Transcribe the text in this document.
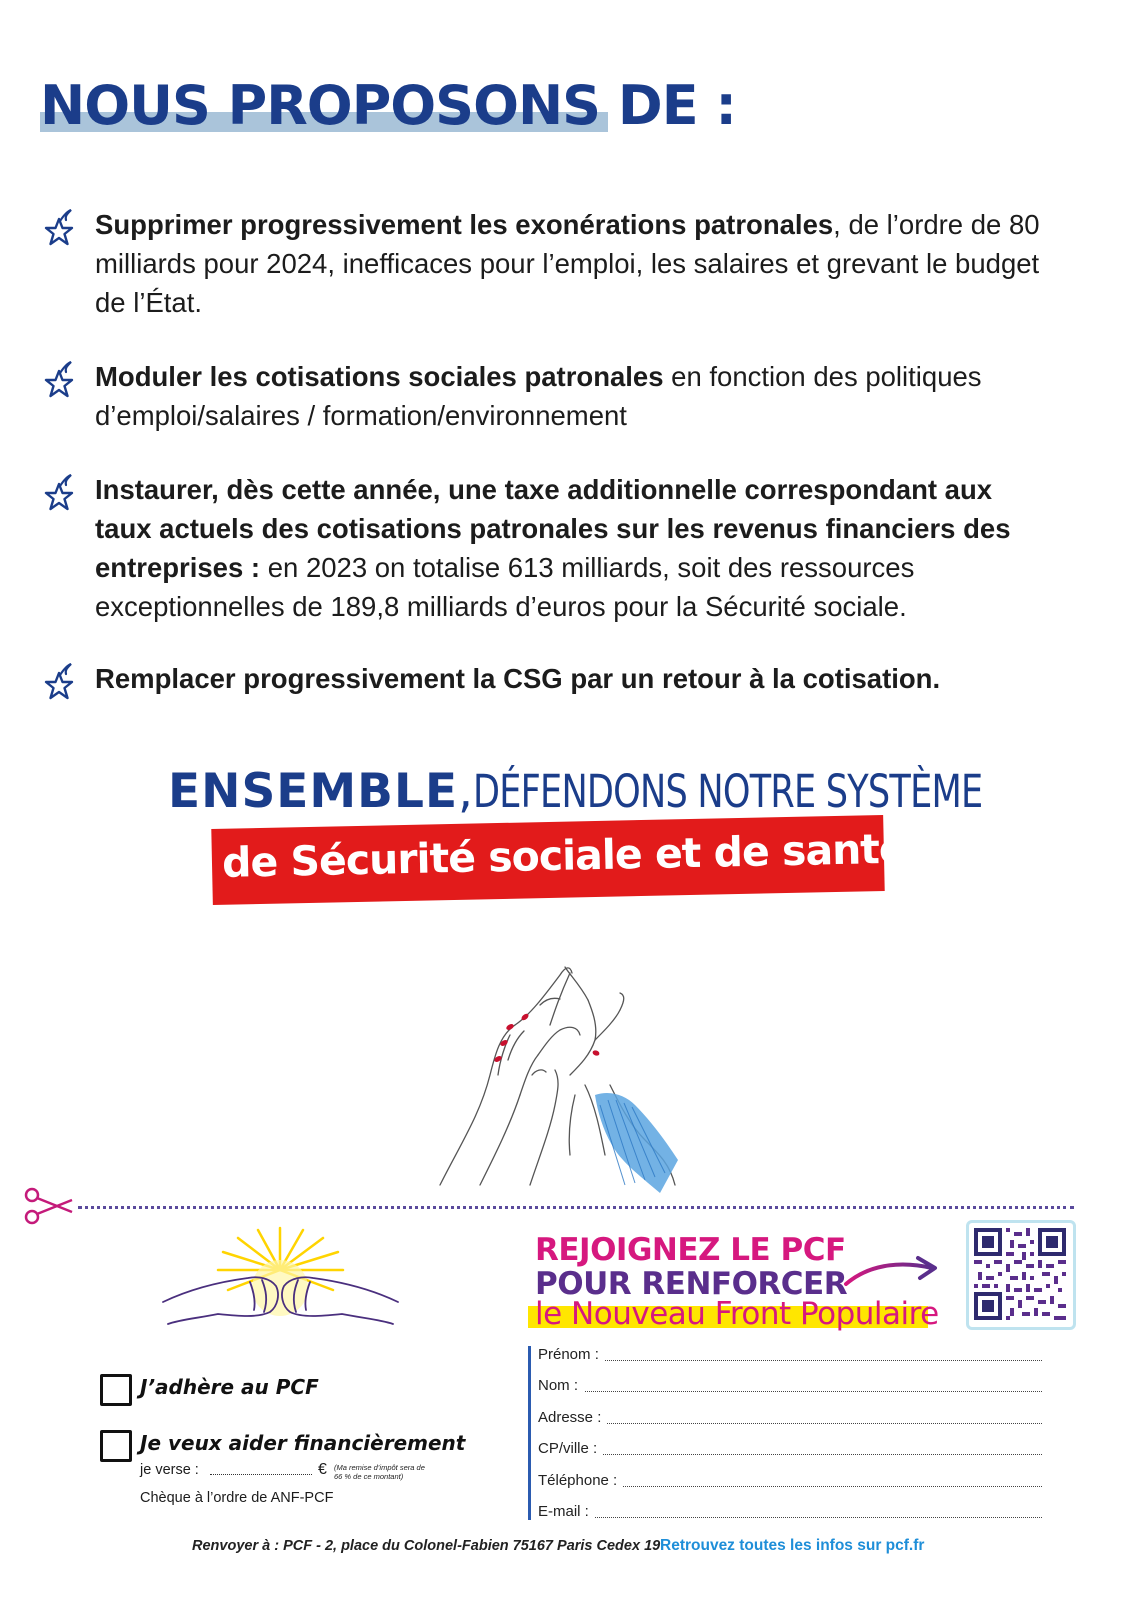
NOUS PROPOSONS DE :
Supprimer progressivement les exonérations patronales, de l’ordre de 80 milliards pour 2024, inefficaces pour l’emploi, les salaires et grevant le budget de l’État.
Moduler les cotisations sociales patronales en fonction des politiques d’emploi/salaires / formation/environnement
Instaurer, dès cette année, une taxe additionnelle correspondant aux taux actuels des cotisations patronales sur les revenus financiers des entreprises : en 2023 on totalise 613 milliards, soit des ressources exceptionnelles de 189,8 milliards d’euros pour la Sécurité sociale.
Remplacer progressivement la CSG par un retour à la cotisation.
ENSEMBLE,DÉFENDONS NOTRE SYSTÈME
de Sécurité sociale et de santé !
J’adhère au PCF
Je veux aider financièrement
je verse :	€ (Ma remise d’impôt sera de 66 % de ce montant)
Chèque à l’ordre de ANF-PCF
REJOIGNEZ LE PCF
POUR RENFORCER
le Nouveau Front Populaire
Prénom :
Nom :
Adresse :
CP/ville :
Téléphone :
E-mail :
Renvoyer à : PCF - 2, place du Colonel-Fabien 75167 Paris Cedex 19 Retrouvez toutes les infos sur pcf.fr
